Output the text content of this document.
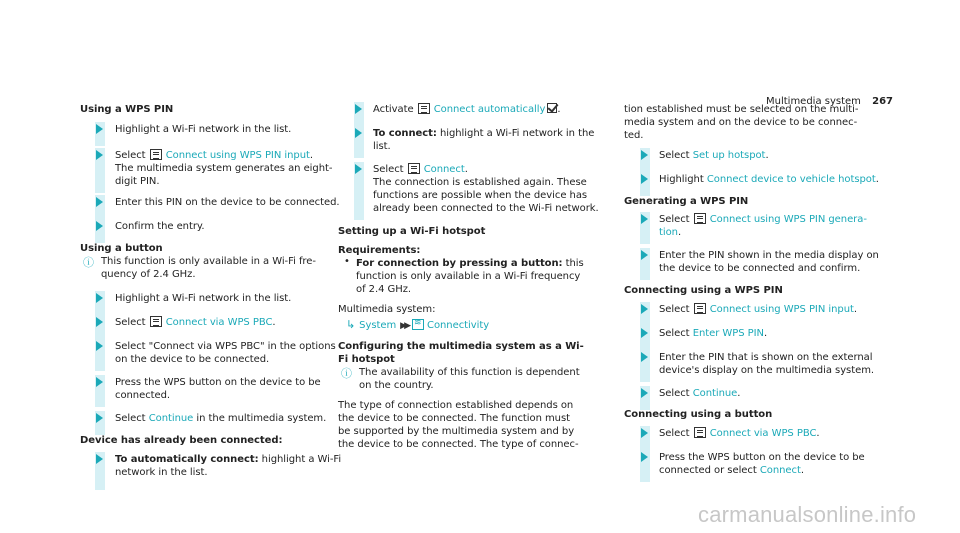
Multimedia system 267
Using a WPS PIN
Highlight a Wi-Fi network in the list.
Select Connect using WPS PIN input.
The multimedia system generates an eight-
digit PIN.
Enter this PIN on the device to be connected.
Confirm the entry.
Using a button
ⓘ This function is only available in a Wi-Fi fre-
quency of 2.4 GHz.
Highlight a Wi-Fi network in the list.
Select Connect via WPS PBC.
Select "Connect via WPS PBC" in the options
on the device to be connected.
Press the WPS button on the device to be
connected.
Select Continue in the multimedia system.
Device has already been connected:
To automatically connect: highlight a Wi-Fi
network in the list.
Activate Connect automatically .
To connect: highlight a Wi-Fi network in the
list.
Select Connect.
The connection is established again. These
functions are possible when the device has
already been connected to the Wi-Fi network.
Setting up a Wi-Fi hotspot
Requirements:
• For connection by pressing a button: this
function is only available in a Wi-Fi frequency
of 2.4 GHz.
Multimedia system:
↳ System ▶▶≋ Connectivity
Configuring the multimedia system as a Wi-
Fi hotspot
ⓘ The availability of this function is dependent
on the country.
The type of connection established depends on
the device to be connected. The function must
be supported by the multimedia system and by
the device to be connected. The type of connec-
tion established must be selected on the multi-
media system and on the device to be connec-
ted.
Select Set up hotspot.
Highlight Connect device to vehicle hotspot.
Generating a WPS PIN
Select Connect using WPS PIN genera-
tion.
Enter the PIN shown in the media display on
the device to be connected and confirm.
Connecting using a WPS PIN
Select Connect using WPS PIN input.
Select Enter WPS PIN.
Enter the PIN that is shown on the external
device's display on the multimedia system.
Select Continue.
Connecting using a button
Select Connect via WPS PBC.
Press the WPS button on the device to be
connected or select Connect.
carmanualsonline.info
